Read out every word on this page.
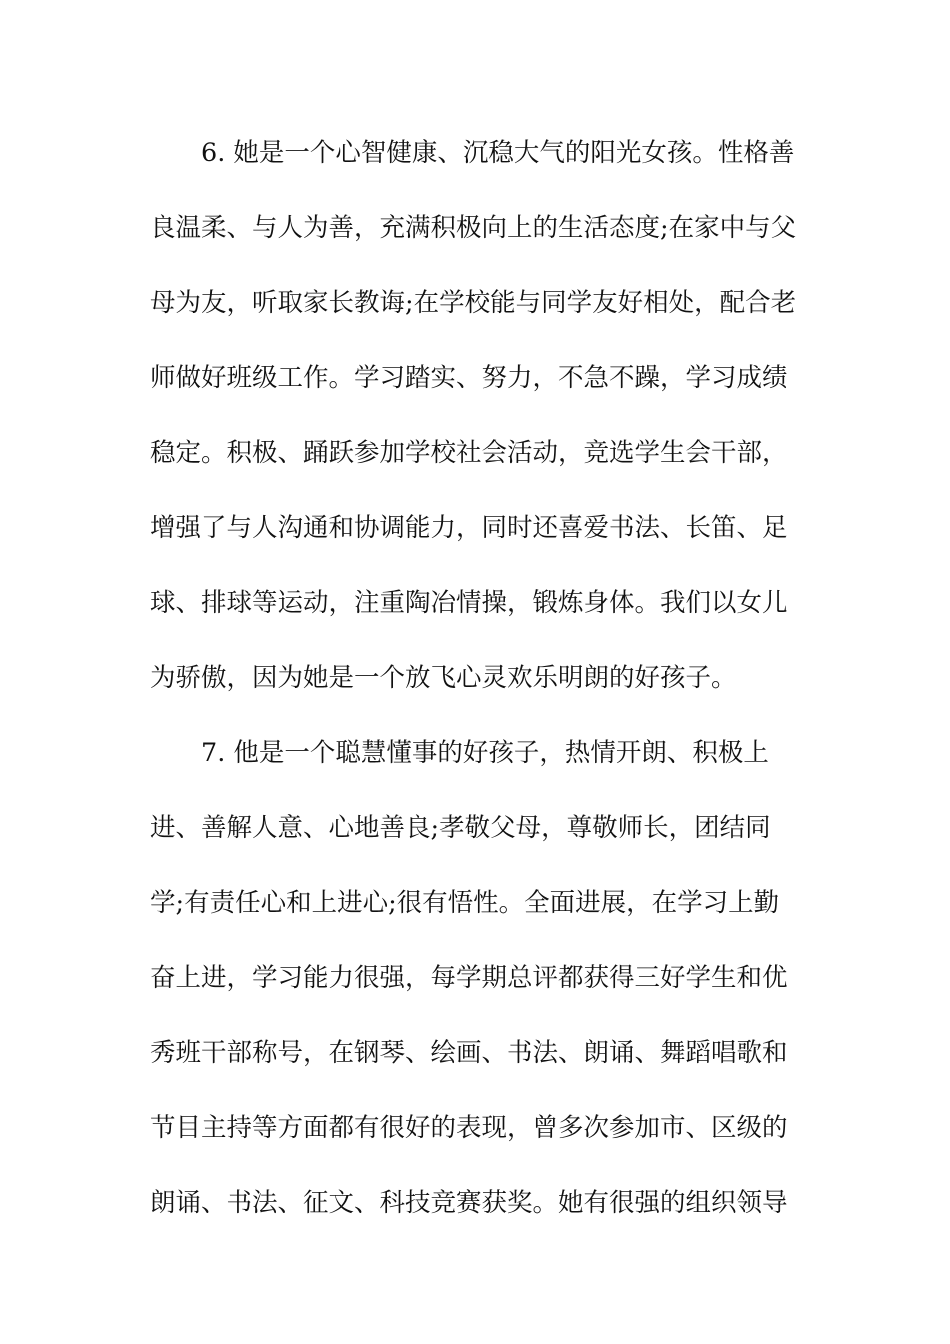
6. 她是一个心智健康、沉稳大气的阳光女孩。性格善
良温柔、与人为善，充满积极向上的生活态度;在家中与父
母为友，听取家长教诲;在学校能与同学友好相处，配合老
师做好班级工作。学习踏实、努力，不急不躁，学习成绩
稳定。积极、踊跃参加学校社会活动，竞选学生会干部，
增强了与人沟通和协调能力，同时还喜爱书法、长笛、足
球、排球等运动，注重陶冶情操，锻炼身体。我们以女儿
为骄傲，因为她是一个放飞心灵欢乐明朗的好孩子。
7. 他是一个聪慧懂事的好孩子，热情开朗、积极上
进、善解人意、心地善良;孝敬父母，尊敬师长，团结同
学;有责任心和上进心;很有悟性。全面进展，在学习上勤
奋上进，学习能力很强，每学期总评都获得三好学生和优
秀班干部称号，在钢琴、绘画、书法、朗诵、舞蹈唱歌和
节目主持等方面都有很好的表现，曾多次参加市、区级的
朗诵、书法、征文、科技竞赛获奖。她有很强的组织领导
